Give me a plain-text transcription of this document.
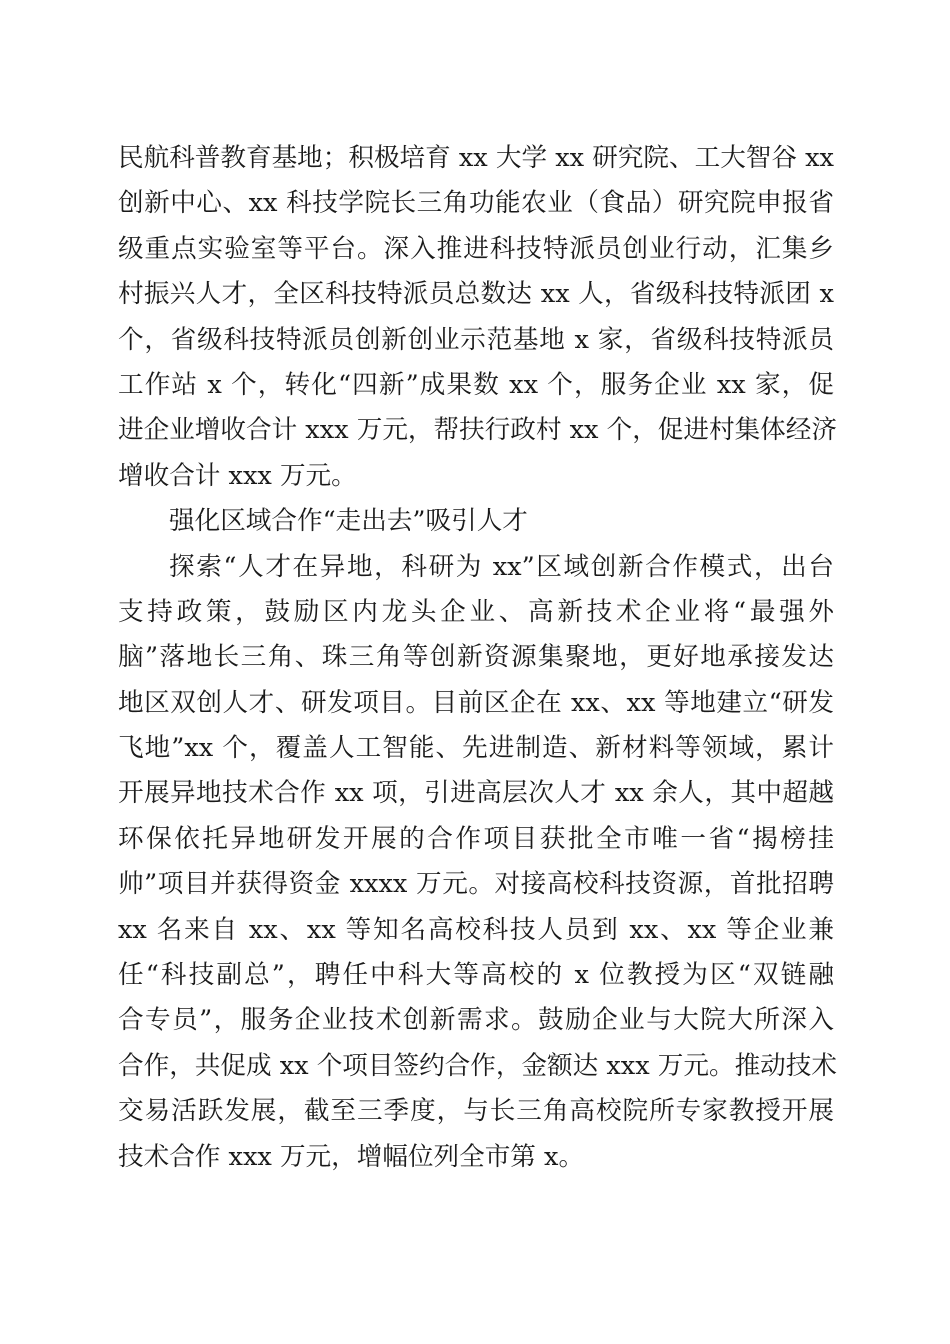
民航科普教育基地；积极培育 xx 大学 xx 研究院、工大智谷 xx
创新中心、xx 科技学院长三角功能农业（食品）研究院申报省
级重点实验室等平台。深入推进科技特派员创业行动，汇集乡
村振兴人才，全区科技特派员总数达 xx 人，省级科技特派团 x
个，省级科技特派员创新创业示范基地 x 家，省级科技特派员
工作站 x 个，转化“四新”成果数 xx 个，服务企业 xx 家，促
进企业增收合计 xxx 万元，帮扶行政村 xx 个，促进村集体经济
增收合计 xxx 万元。
强化区域合作“走出去”吸引人才
探索“人才在异地，科研为 xx”区域创新合作模式，出台
支持政策，鼓励区内龙头企业、高新技术企业将“最强外
脑”落地长三角、珠三角等创新资源集聚地，更好地承接发达
地区双创人才、研发项目。目前区企在 xx、xx 等地建立“研发
飞地”xx 个，覆盖人工智能、先进制造、新材料等领域，累计
开展异地技术合作 xx 项，引进高层次人才 xx 余人，其中超越
环保依托异地研发开展的合作项目获批全市唯一省“揭榜挂
帅”项目并获得资金 xxxx 万元。对接高校科技资源，首批招聘
xx 名来自 xx、xx 等知名高校科技人员到 xx、xx 等企业兼
任“科技副总”，聘任中科大等高校的 x 位教授为区“双链融
合专员”，服务企业技术创新需求。鼓励企业与大院大所深入
合作，共促成 xx 个项目签约合作，金额达 xxx 万元。推动技术
交易活跃发展，截至三季度，与长三角高校院所专家教授开展
技术合作 xxx 万元，增幅位列全市第 x。
